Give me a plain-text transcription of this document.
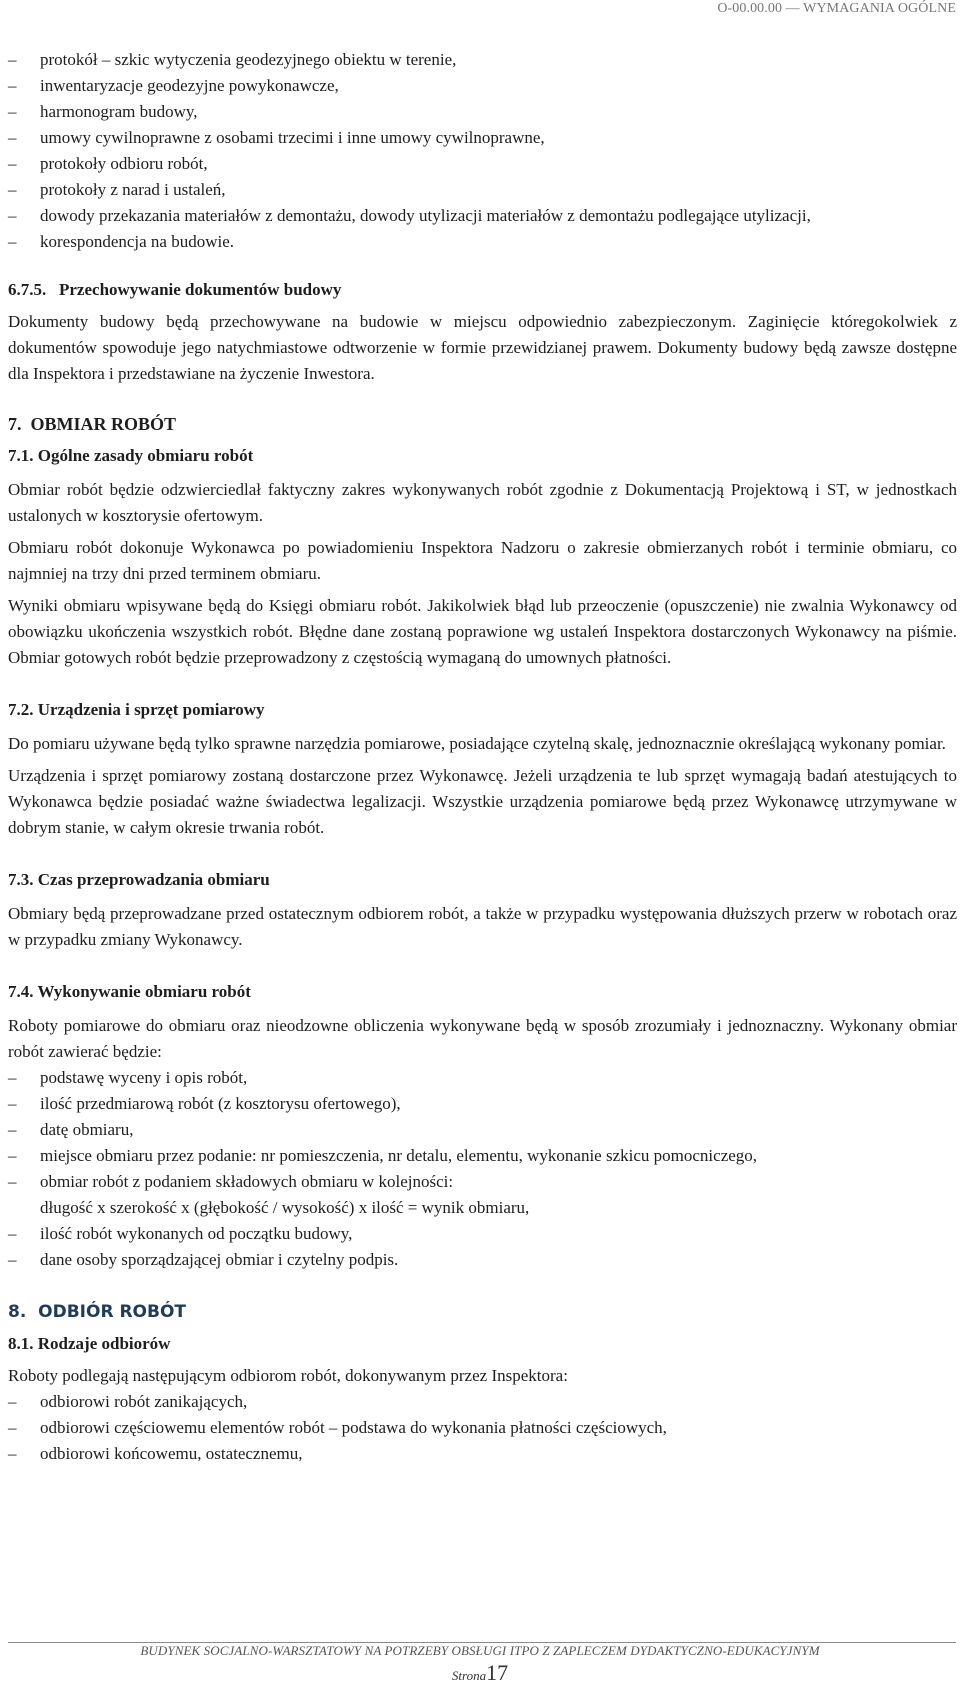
O-00.00.00 — WYMAGANIA OGÓLNE
–	protokół – szkic wytyczenia geodezyjnego obiektu w terenie,
–	inwentaryzacje geodezyjne powykonawcze,
–	harmonogram budowy,
–	umowy cywilnoprawne z osobami trzecimi i inne umowy cywilnoprawne,
–	protokoły odbioru robót,
–	protokoły z narad i ustaleń,
–	dowody przekazania materiałów z demontażu, dowody utylizacji materiałów z demontażu podlegające utylizacji,
–	korespondencja na budowie.

6.7.5. Przechowywanie dokumentów budowy

Dokumenty budowy będą przechowywane na budowie w miejscu odpowiednio zabezpieczonym. Zaginięcie któregokolwiek z dokumentów spowoduje jego natychmiastowe odtworzenie w formie przewidzianej prawem. Dokumenty budowy będą zawsze dostępne dla Inspektora i przedstawiane na życzenie Inwestora.

7. OBMIAR ROBÓT

7.1. Ogólne zasady obmiaru robót

Obmiar robót będzie odzwierciedlał faktyczny zakres wykonywanych robót zgodnie z Dokumentacją Projektową i ST, w jednostkach ustalonych w kosztorysie ofertowym.

Obmiaru robót dokonuje Wykonawca po powiadomieniu Inspektora Nadzoru o zakresie obmierzanych robót i terminie obmiaru, co najmniej na trzy dni przed terminem obmiaru.

Wyniki obmiaru wpisywane będą do Księgi obmiaru robót. Jakikolwiek błąd lub przeoczenie (opuszczenie) nie zwalnia Wykonawcy od obowiązku ukończenia wszystkich robót. Błędne dane zostaną poprawione wg ustaleń Inspektora dostarczonych Wykonawcy na piśmie. Obmiar gotowych robót będzie przeprowadzony z częstością wymaganą do umownych płatności.

7.2. Urządzenia i sprzęt pomiarowy

Do pomiaru używane będą tylko sprawne narzędzia pomiarowe, posiadające czytelną skalę, jednoznacznie określającą wykonany pomiar.

Urządzenia i sprzęt pomiarowy zostaną dostarczone przez Wykonawcę. Jeżeli urządzenia te lub sprzęt wymagają badań atestujących to Wykonawca będzie posiadać ważne świadectwa legalizacji. Wszystkie urządzenia pomiarowe będą przez Wykonawcę utrzymywane w dobrym stanie, w całym okresie trwania robót.

7.3. Czas przeprowadzania obmiaru

Obmiary będą przeprowadzane przed ostatecznym odbiorem robót, a także w przypadku występowania dłuższych przerw w robotach oraz w przypadku zmiany Wykonawcy.

7.4. Wykonywanie obmiaru robót

Roboty pomiarowe do obmiaru oraz nieodzowne obliczenia wykonywane będą w sposób zrozumiały i jednoznaczny. Wykonany obmiar robót zawierać będzie:

–	podstawę wyceny i opis robót,
–	ilość przedmiarową robót (z kosztorysu ofertowego),
–	datę obmiaru,
–	miejsce obmiaru przez podanie: nr pomieszczenia, nr detalu, elementu, wykonanie szkicu pomocniczego,
–	obmiar robót z podaniem składowych obmiaru w kolejności:

długość x szerokość x (głębokość / wysokość) x ilość = wynik obmiaru,

–	ilość robót wykonanych od początku budowy,
–	dane osoby sporządzającej obmiar i czytelny podpis.

8. ODBIÓR ROBÓT

8.1. Rodzaje odbiorów

Roboty podlegają następującym odbiorom robót, dokonywanym przez Inspektora:

–	odbiorowi robót zanikających,
–	odbiorowi częściowemu elementów robót – podstawa do wykonania płatności częściowych,
–	odbiorowi końcowemu, ostatecznemu,
BUDYNEK SOCJALNO-WARSZTATOWY NA POTRZEBY OBSŁUGI ITPO Z ZAPLECZEM DYDAKTYCZNO-EDUKACYJNYM
Strona17
